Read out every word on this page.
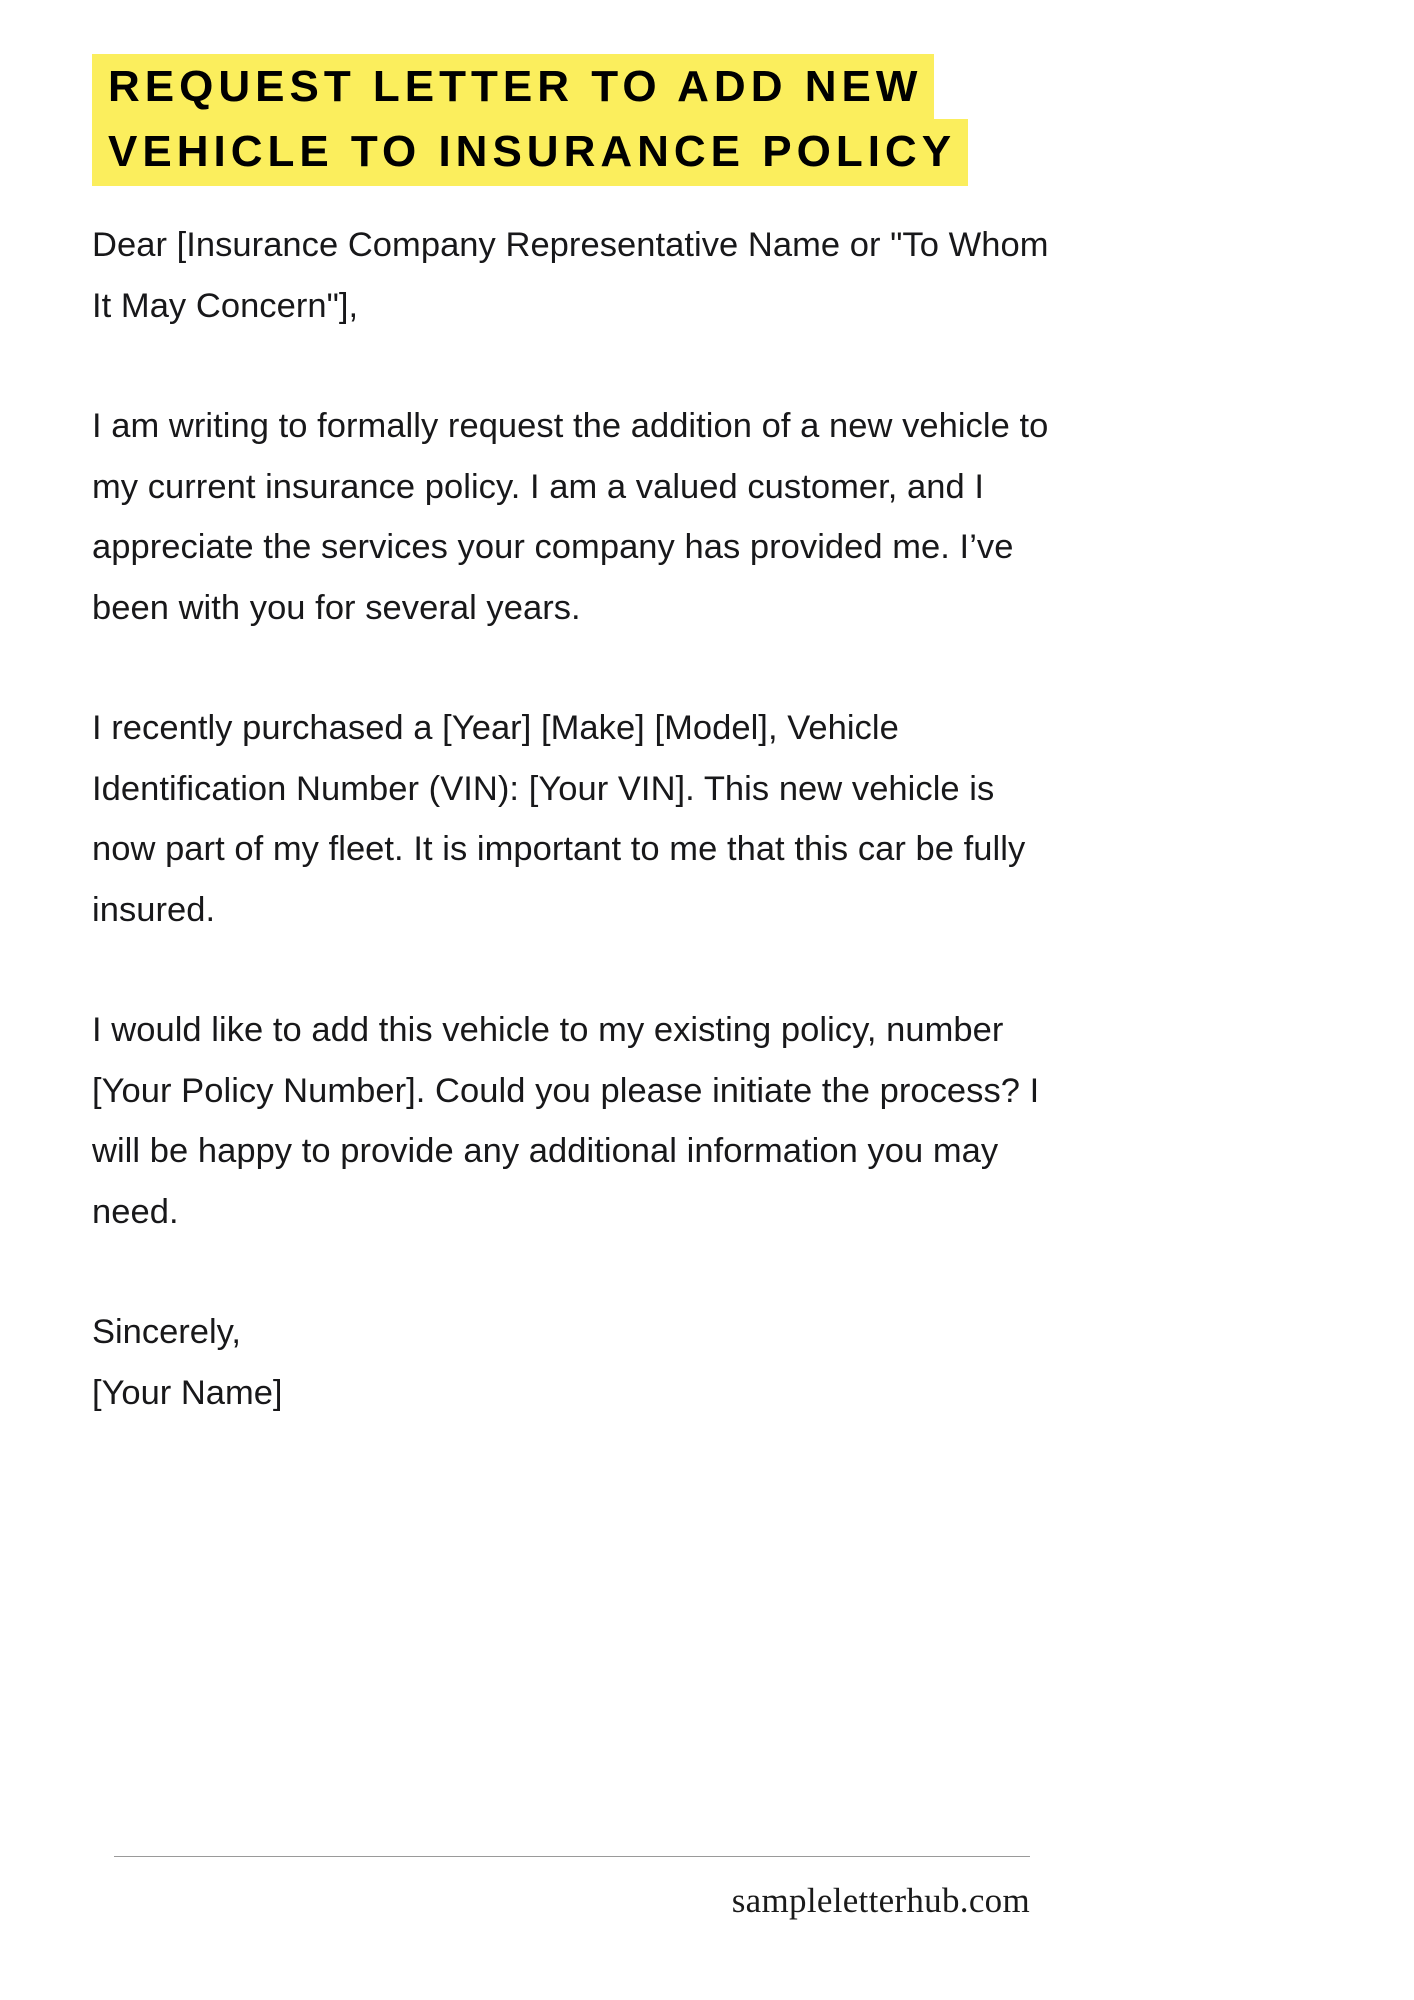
REQUEST LETTER TO ADD NEW
VEHICLE TO INSURANCE POLICY

Dear [Insurance Company Representative Name or "To Whom It May Concern"],

I am writing to formally request the addition of a new vehicle to my current insurance policy. I am a valued customer, and I appreciate the services your company has provided me. I’ve been with you for several years.

I recently purchased a [Year] [Make] [Model], Vehicle Identification Number (VIN): [Your VIN]. This new vehicle is now part of my fleet. It is important to me that this car be fully insured.

I would like to add this vehicle to my existing policy, number [Your Policy Number]. Could you please initiate the process? I will be happy to provide any additional information you may need.

Sincerely,

[Your Name]

sampleletterhub.com
